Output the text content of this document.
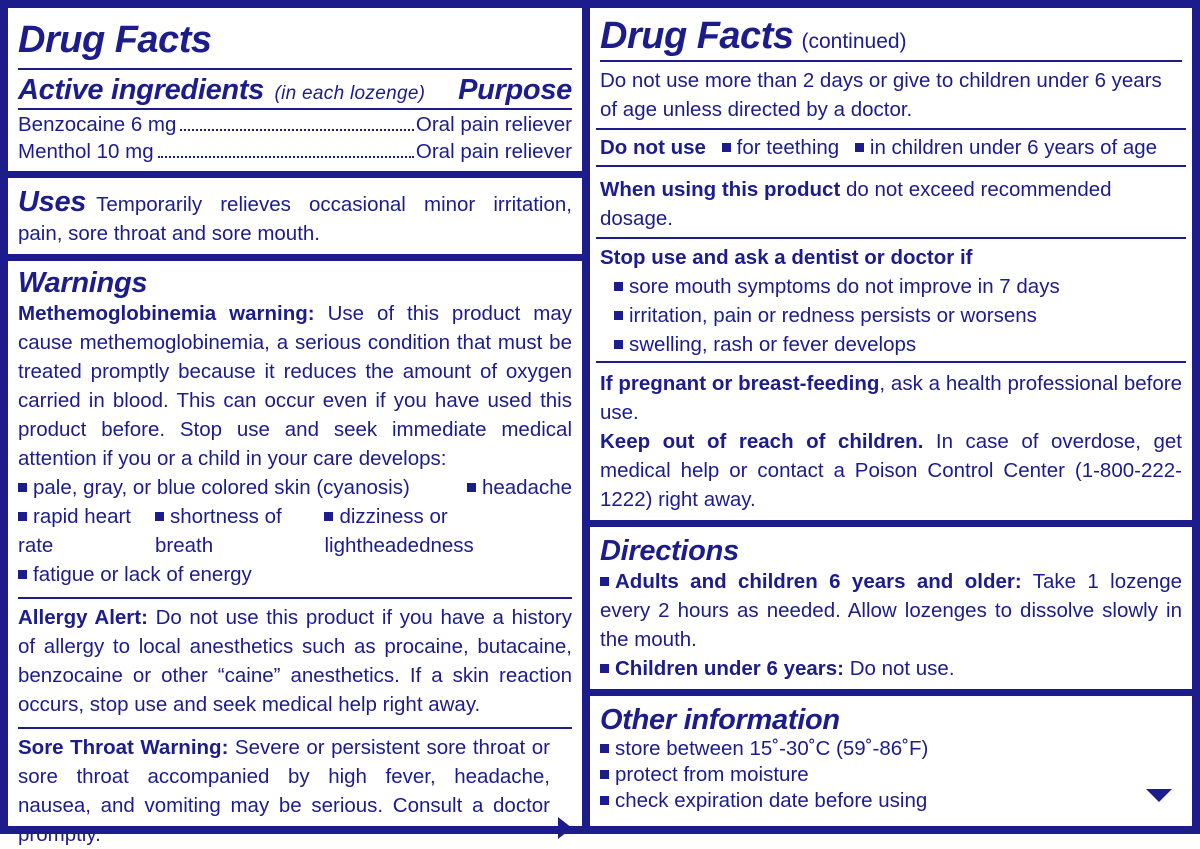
Drug Facts
Active ingredients (in each lozenge) Purpose
Benzocaine 6 mg	Oral pain reliever
Menthol 10 mg	Oral pain reliever
Uses Temporarily relieves occasional minor irritation, pain, sore throat and sore mouth.
Warnings
Methemoglobinemia warning: Use of this product may cause methemoglobinemia, a serious condition that must be treated promptly because it reduces the amount of oxygen carried in blood. This can occur even if you have used this product before. Stop use and seek immediate medical attention if you or a child in your care develops:
pale, gray, or blue colored skin (cyanosis)	headache
rapid heart rate
shortness of breath
dizziness or lightheadedness
fatigue or lack of energy
Allergy Alert: Do not use this product if you have a history of allergy to local anesthetics such as procaine, butacaine, benzocaine or other “caine” anesthetics. If a skin reaction occurs, stop use and seek medical help right away.
Sore Throat Warning: Severe or persistent sore throat or sore throat accompanied by high fever, headache, nausea, and vomiting may be serious. Consult a doctor promptly.
Drug Facts (continued)
Do not use more than 2 days or give to children under 6 years of age unless directed by a doctor.
Do not use for teething in children under 6 years of age
When using this product do not exceed recommended dosage.
Stop use and ask a dentist or doctor if
sore mouth symptoms do not improve in 7 days
irritation, pain or redness persists or worsens
swelling, rash or fever develops
If pregnant or breast-feeding, ask a health professional before use.
Keep out of reach of children. In case of overdose, get medical help or contact a Poison Control Center (1-800-222-1222) right away.
Directions
Adults and children 6 years and older: Take 1 lozenge every 2 hours as needed. Allow lozenges to dissolve slowly in the mouth.
Children under 6 years: Do not use.
Other information
store between 15˚-30˚C (59˚-86˚F)
protect from moisture
check expiration date before using
